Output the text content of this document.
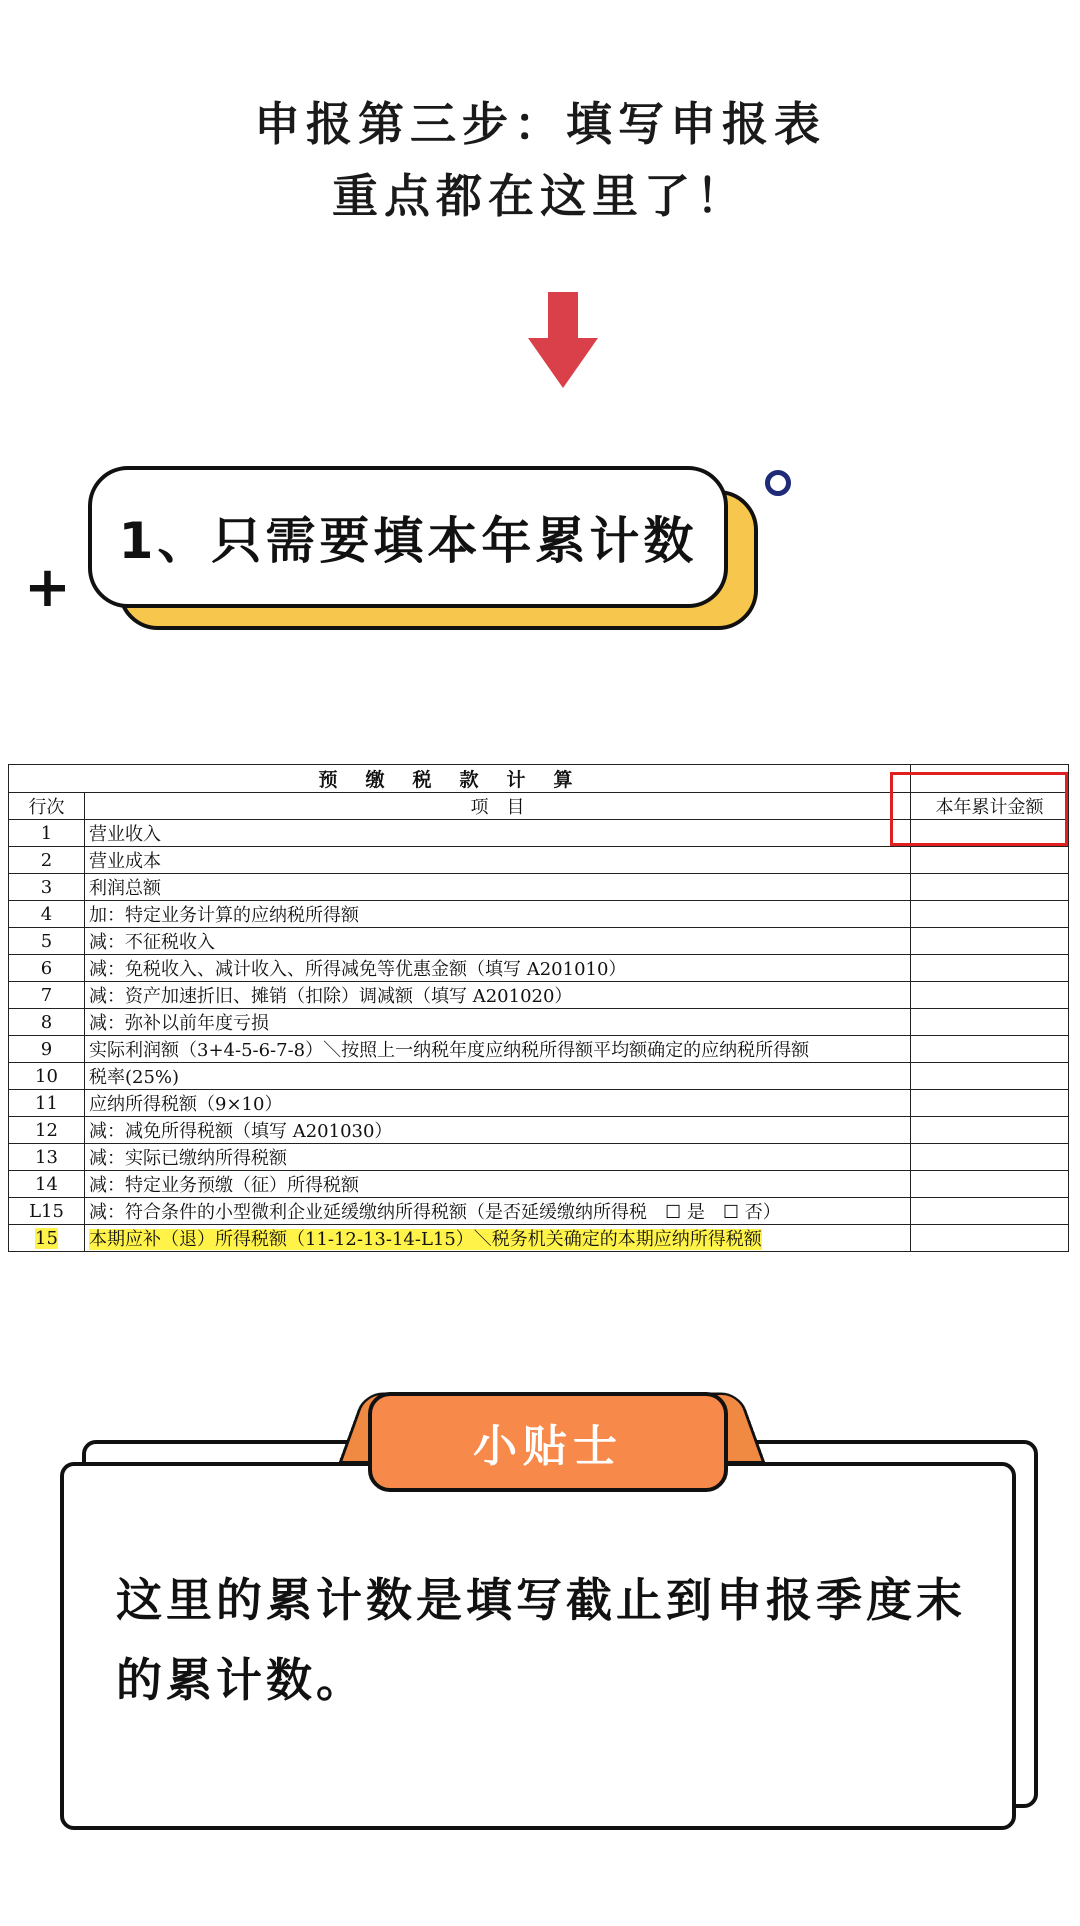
申报第三步：填写申报表
重点都在这里了！
+
1、只需要填本年累计数
预缴税款计算		
行次	项　目	本年累计金额
1	营业收入	
2	营业成本	
3	利润总额	
4	加：特定业务计算的应纳税所得额	
5	减：不征税收入	
6	减：免税收入、减计收入、所得减免等优惠金额（填写 A201010）	
7	减：资产加速折旧、摊销（扣除）调减额（填写 A201020）	
8	减：弥补以前年度亏损	
9	实际利润额（3+4-5-6-7-8）＼按照上一纳税年度应纳税所得额平均额确定的应纳税所得额	
10	税率(25%)	
11	应纳所得税额（9×10）	
12	减：减免所得税额（填写 A201030）	
13	减：实际已缴纳所得税额	
14	减：特定业务预缴（征）所得税额	
L15	减：符合条件的小型微利企业延缓缴纳所得税额（是否延缓缴纳所得税　☐ 是　☐ 否）	
15	本期应补（退）所得税额（11-12-13-14-L15）＼税务机关确定的本期应纳所得税额	
小贴士
这里的累计数是填写截止到申报季度末的累计数。
